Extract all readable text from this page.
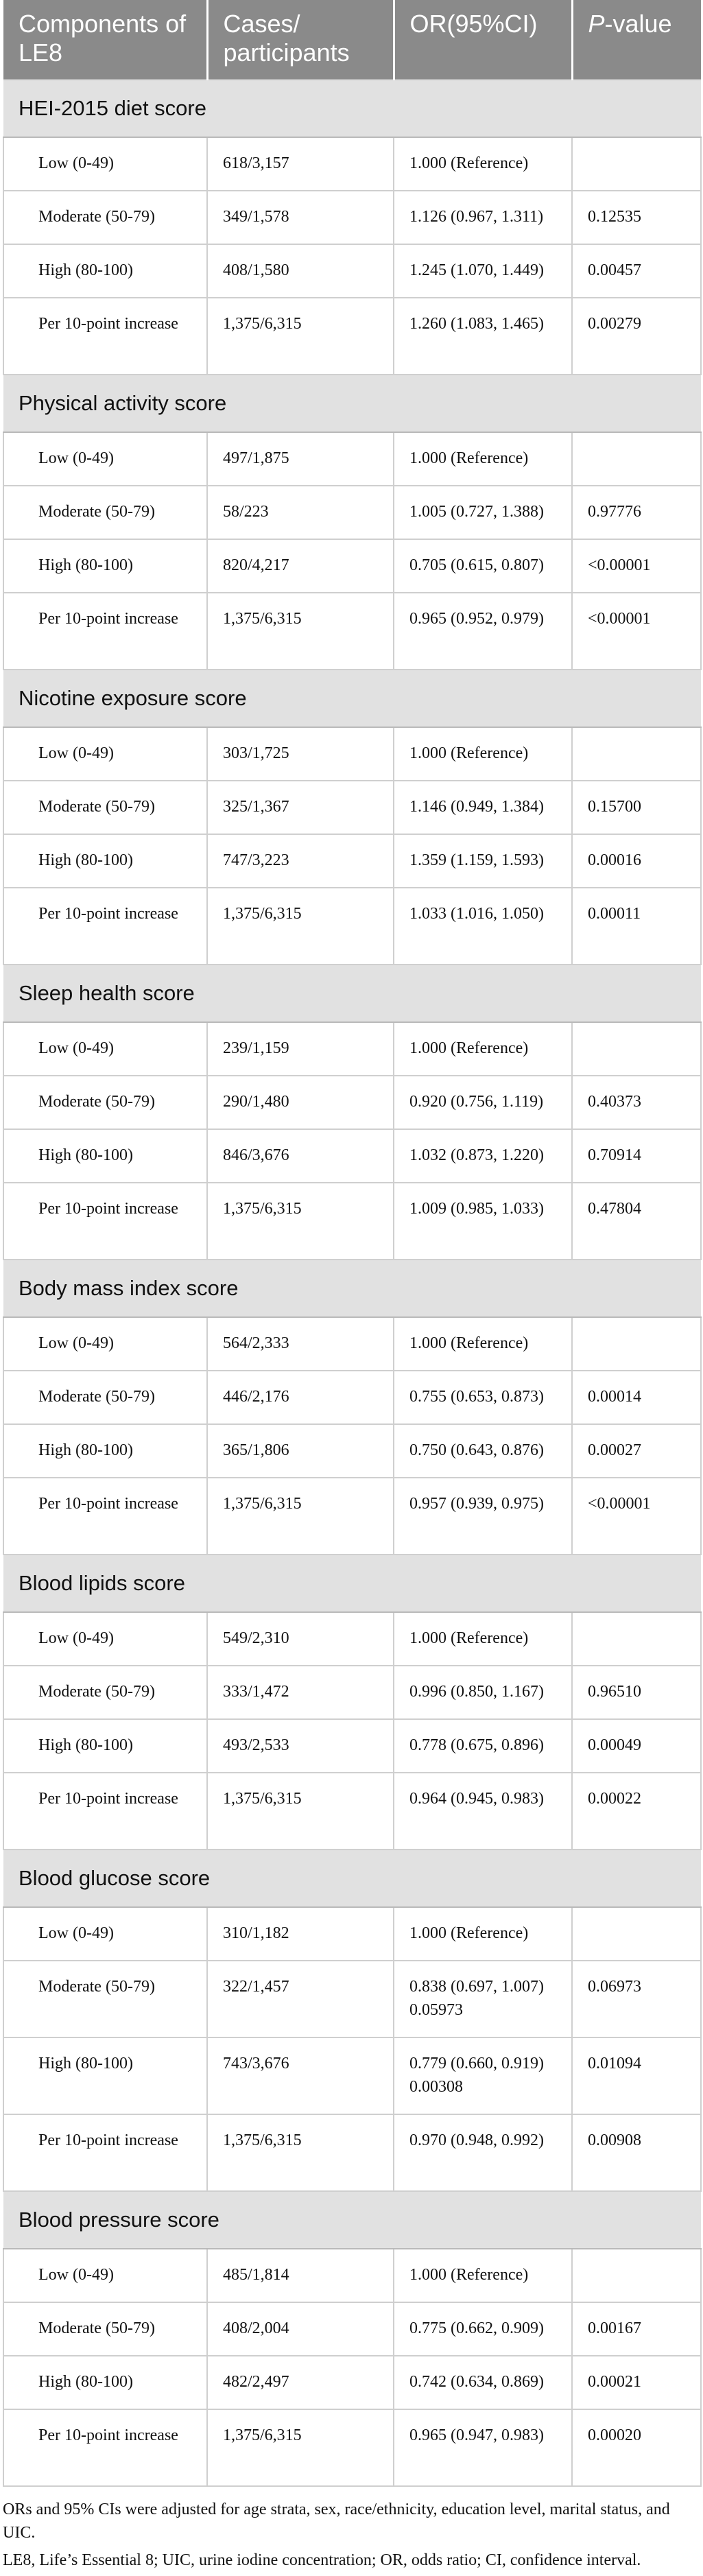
Components of LE8	Cases/ participants	OR(95%CI)	P-value
HEI-2015 diet score			
Low (0-49)	618/3,157	1.000 (Reference)	
Moderate (50-79)	349/1,578	1.126 (0.967, 1.311)	0.12535
High (80-100)	408/1,580	1.245 (1.070, 1.449)	0.00457
Per 10-point increase	1,375/6,315	1.260 (1.083, 1.465)	0.00279
Physical activity score			
Low (0-49)	497/1,875	1.000 (Reference)	
Moderate (50-79)	58/223	1.005 (0.727, 1.388)	0.97776
High (80-100)	820/4,217	0.705 (0.615, 0.807)	<0.00001
Per 10-point increase	1,375/6,315	0.965 (0.952, 0.979)	<0.00001
Nicotine exposure score			
Low (0-49)	303/1,725	1.000 (Reference)	
Moderate (50-79)	325/1,367	1.146 (0.949, 1.384)	0.15700
High (80-100)	747/3,223	1.359 (1.159, 1.593)	0.00016
Per 10-point increase	1,375/6,315	1.033 (1.016, 1.050)	0.00011
Sleep health score			
Low (0-49)	239/1,159	1.000 (Reference)	
Moderate (50-79)	290/1,480	0.920 (0.756, 1.119)	0.40373
High (80-100)	846/3,676	1.032 (0.873, 1.220)	0.70914
Per 10-point increase	1,375/6,315	1.009 (0.985, 1.033)	0.47804
Body mass index score			
Low (0-49)	564/2,333	1.000 (Reference)	
Moderate (50-79)	446/2,176	0.755 (0.653, 0.873)	0.00014
High (80-100)	365/1,806	0.750 (0.643, 0.876)	0.00027
Per 10-point increase	1,375/6,315	0.957 (0.939, 0.975)	<0.00001
Blood lipids score			
Low (0-49)	549/2,310	1.000 (Reference)	
Moderate (50-79)	333/1,472	0.996 (0.850, 1.167)	0.96510
High (80-100)	493/2,533	0.778 (0.675, 0.896)	0.00049
Per 10-point increase	1,375/6,315	0.964 (0.945, 0.983)	0.00022
Blood glucose score			
Low (0-49)	310/1,182	1.000 (Reference)	
Moderate (50-79)	322/1,457	0.838 (0.697, 1.007) 0.05973	0.06973
High (80-100)	743/3,676	0.779 (0.660, 0.919) 0.00308	0.01094
Per 10-point increase	1,375/6,315	0.970 (0.948, 0.992)	0.00908
Blood pressure score			
Low (0-49)	485/1,814	1.000 (Reference)	
Moderate (50-79)	408/2,004	0.775 (0.662, 0.909)	0.00167
High (80-100)	482/2,497	0.742 (0.634, 0.869)	0.00021
Per 10-point increase	1,375/6,315	0.965 (0.947, 0.983)	0.00020

ORs and 95% CIs were adjusted for age strata, sex, race/ethnicity, education level, marital status, and UIC.

LE8, Life’s Essential 8; UIC, urine iodine concentration; OR, odds ratio; CI, confidence interval.
